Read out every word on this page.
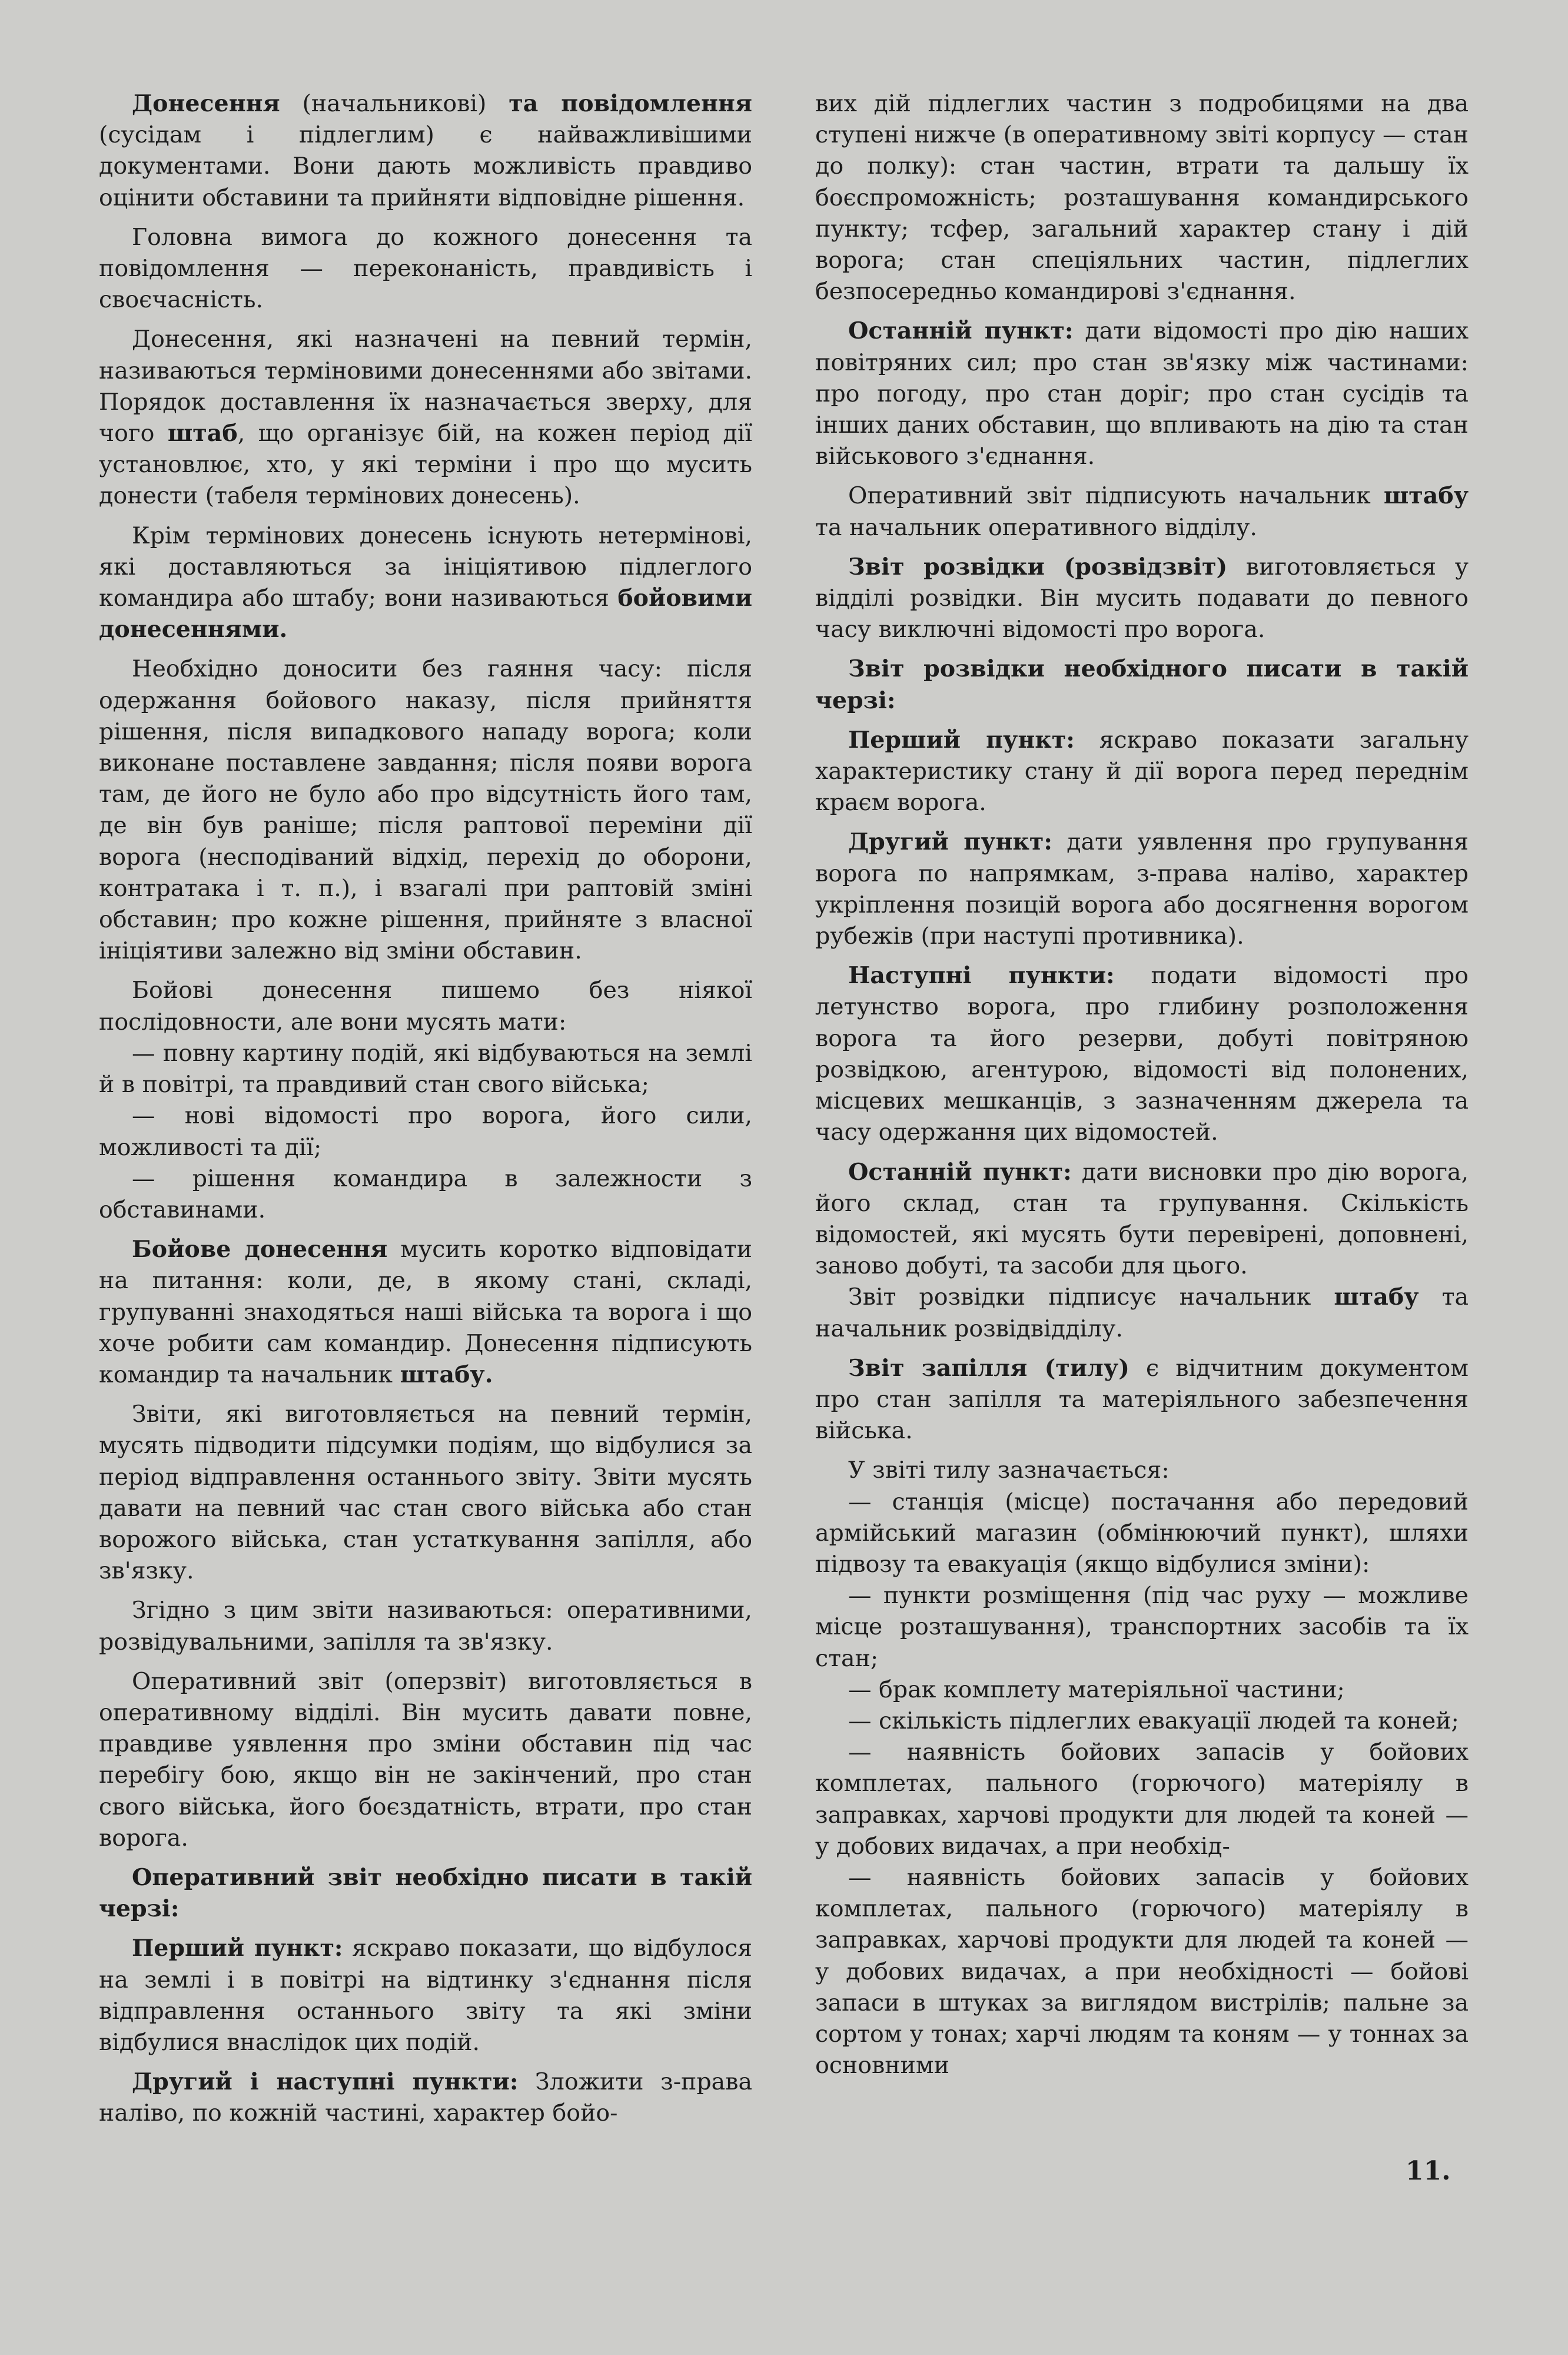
Донесення (начальникові) та повідомлення (сусідам і підлеглим) є найважливішими документами. Вони дають можливість правдиво оцінити обставини та прийняти відповідне рішення.

Головна вимога до кожного донесення та повідомлення — переконаність, правдивість і своєчасність.

Донесення, які назначені на певний термін, називаються терміновими донесеннями або звітами. Порядок доставлення їх назначається зверху, для чого штаб, що організує бій, на кожен період дії установлює, хто, у які терміни і про що мусить донести (табеля термінових донесень).

Крім термінових донесень існують нетермінові, які доставляються за ініціятивою підлеглого командира або штабу; вони називаються бойовими донесеннями.

Необхідно доносити без гаяння часу: після одержання бойового наказу, після прийняття рішення, після випадкового нападу ворога; коли виконане поставлене завдання; після появи ворога там, де його не було або про відсутність його там, де він був раніше; після раптової переміни дії ворога (несподіваний відхід, перехід до оборони, контратака і т. п.), і взагалі при раптовій зміні обставин; про кожне рішення, прийняте з власної ініціятиви залежно від зміни обставин.

Бойові донесення пишемо без ніякої послідовности, але вони мусять мати:

— повну картину подій, які відбуваються на землі й в повітрі, та правдивий стан свого війська;

— нові відомості про ворога, його сили, можливості та дії;

— рішення командира в залежности з обставинами.

Бойове донесення мусить коротко відповідати на питання: коли, де, в якому стані, складі, групуванні знаходяться наші війська та ворога і що хоче робити сам командир. Донесення підписують командир та начальник штабу.

Звіти, які виготовляється на певний термін, мусять підводити підсумки подіям, що відбулися за період відправлення останнього звіту. Звіти мусять давати на певний час стан свого війська або стан ворожого війська, стан устаткування запілля, або зв'язку.

Згідно з цим звіти називаються: оперативними, розвідувальними, запілля та зв'язку.

Оперативний звіт (оперзвіт) виготовляється в оперативному відділі. Він мусить давати повне, правдиве уявлення про зміни обставин під час перебігу бою, якщо він не закінчений, про стан свого війська, його боєздатність, втрати, про стан ворога.

Оперативний звіт необхідно писати в такій черзі:

Перший пункт: яскраво показати, що відбулося на землі і в повітрі на відтинку з'єднання після відправлення останнього звіту та які зміни відбулися внаслідок цих подій.

Другий і наступні пункти: Зложити з-права наліво, по кожній частині, характер бойо-

вих дій підлеглих частин з подробицями на два ступені нижче (в оперативному звіті корпусу — стан до полку): стан частин, втрати та дальшу їх боєспроможність; розташування командирського пункту; тсфер, загальний характер стану і дій ворога; стан спеціяльних частин, підлеглих безпосередньо командирові з'єднання.

Останній пункт: дати відомості про дію наших повітряних сил; про стан зв'язку між частинами: про погоду, про стан доріг; про стан сусідів та інших даних обставин, що впливають на дію та стан військового з'єднання.

Оперативний звіт підписують начальник штабу та начальник оперативного відділу.

Звіт розвідки (розвідзвіт) виготовляється у відділі розвідки. Він мусить подавати до певного часу виключні відомості про ворога.

Звіт розвідки необхідного писати в такій черзі:

Перший пункт: яскраво показати загальну характеристику стану й дії ворога перед переднім краєм ворога.

Другий пункт: дати уявлення про групування ворога по напрямкам, з-права наліво, характер укріплення позицій ворога або досягнення ворогом рубежів (при наступі противника).

Наступні пункти: подати відомості про летунство ворога, про глибину розположення ворога та його резерви, добуті повітряною розвідкою, агентурою, відомості від полонених, місцевих мешканців, з зазначенням джерела та часу одержання цих відомостей.

Останній пункт: дати висновки про дію ворога, його склад, стан та групування. Скількість відомостей, які мусять бути перевірені, доповнені, заново добуті, та засоби для цього.

Звіт розвідки підписує начальник штабу та начальник розвідвідділу.

Звіт запілля (тилу) є відчитним документом про стан запілля та матеріяльного забезпечення війська.

У звіті тилу зазначається:

— станція (місце) постачання або передовий армійський магазин (обмінюючий пункт), шляхи підвозу та евакуація (якщо відбулися зміни):

— пункти розміщення (під час руху — можливе місце розташування), транспортних засобів та їх стан;

— брак комплету матеріяльної частини;

— скількість підлеглих евакуації людей та коней;

— наявність бойових запасів у бойових комплетах, пального (горючого) матеріялу в заправках, харчові продукти для людей та коней — у добових видачах, а при необхід-

— наявність бойових запасів у бойових комплетах, пального (горючого) матеріялу в заправках, харчові продукти для людей та коней — у добових видачах, а при необхідності — бойові запаси в штуках за виглядом вистрілів; пальне за сортом у тонах; харчі людям та коням — у тоннах за основними

11.
